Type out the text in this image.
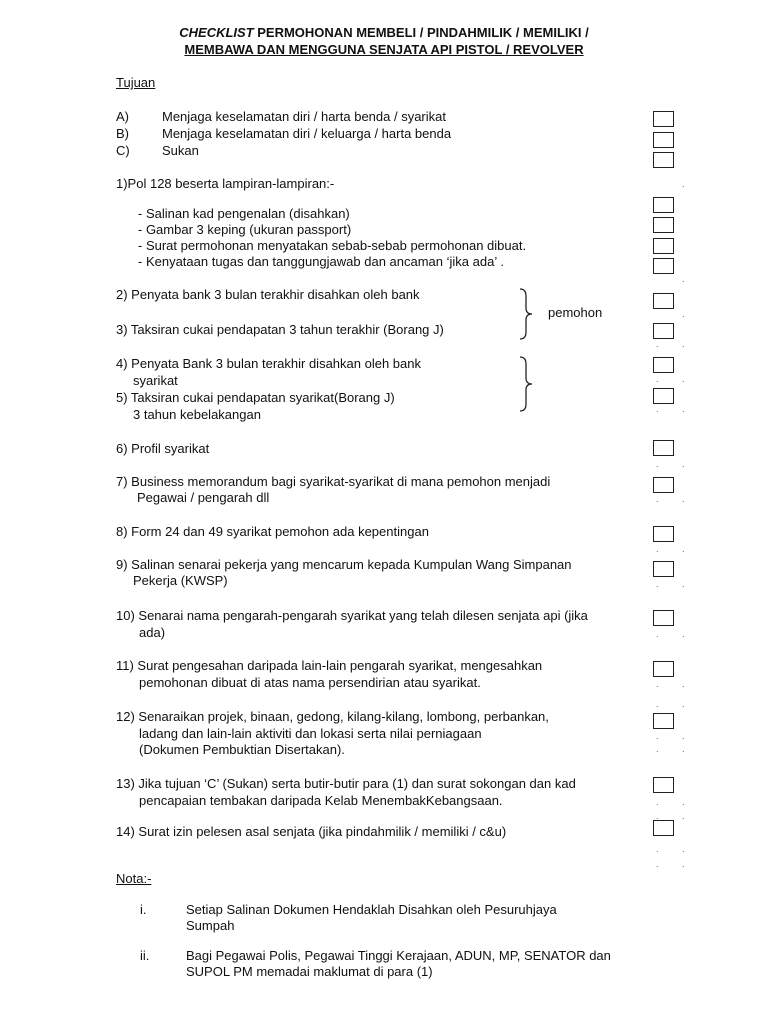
CHECKLIST PERMOHONAN MEMBELI / PINDAHMILIK / MEMILIKI /
MEMBAWA DAN MENGGUNA SENJATA API PISTOL / REVOLVER
Tujuan
A)	Menjaga keselamatan diri / harta benda / syarikat
B)	Menjaga keselamatan diri / keluarga / harta benda
C) Sukan
1)Pol 128 beserta lampiran-lampiran:-
- Salinan kad pengenalan (disahkan)
- Gambar 3 keping (ukuran passport)
- Surat permohonan menyatakan sebab-sebab permohonan dibuat.
- Kenyataan tugas dan tanggungjawab dan ancaman ‘jika ada’ .
2) Penyata bank 3 bulan terakhir disahkan oleh bank
3) Taksiran cukai pendapatan 3 tahun terakhir (Borang J)
pemohon
4) Penyata Bank 3 bulan terakhir disahkan oleh bank
syarikat
5) Taksiran cukai pendapatan syarikat(Borang J)
3 tahun kebelakangan
6) Profil syarikat
7) Business memorandum bagi syarikat-syarikat di mana pemohon menjadi
Pegawai / pengarah dll
8) Form 24 dan 49 syarikat pemohon ada kepentingan
9) Salinan senarai pekerja yang mencarum kepada Kumpulan Wang Simpanan
Pekerja (KWSP)
10) Senarai nama pengarah-pengarah syarikat yang telah dilesen senjata api (jika
ada)
11) Surat pengesahan daripada lain-lain pengarah syarikat, mengesahkan
pemohonan dibuat di atas nama persendirian atau syarikat.
12) Senaraikan projek, binaan, gedong, kilang-kilang, lombong, perbankan,
ladang dan lain-lain aktiviti dan lokasi serta nilai perniagaan
(Dokumen Pembuktian Disertakan).
13) Jika tujuan ‘C’ (Sukan) serta butir-butir para (1) dan surat sokongan dan kad
pencapaian tembakan daripada Kelab MenembakKebangsaan.
14) Surat izin pelesen asal senjata (jika pindahmilik / memiliki / c&u)
Nota:-
i.	Setiap Salinan Dokumen Hendaklah Disahkan oleh Pesuruhjaya
Sumpah
ii.	Bagi Pegawai Polis, Pegawai Tinggi Kerajaan, ADUN, MP, SENATOR dan
SUPOL PM memadai maklumat di para (1)
.
.
.
.
.
.
.
.
.
.
.
.
.
.
.
.
.
.
.
.
.
.
.
.
.
.
.
.
.
.
.
.
.
.
.
